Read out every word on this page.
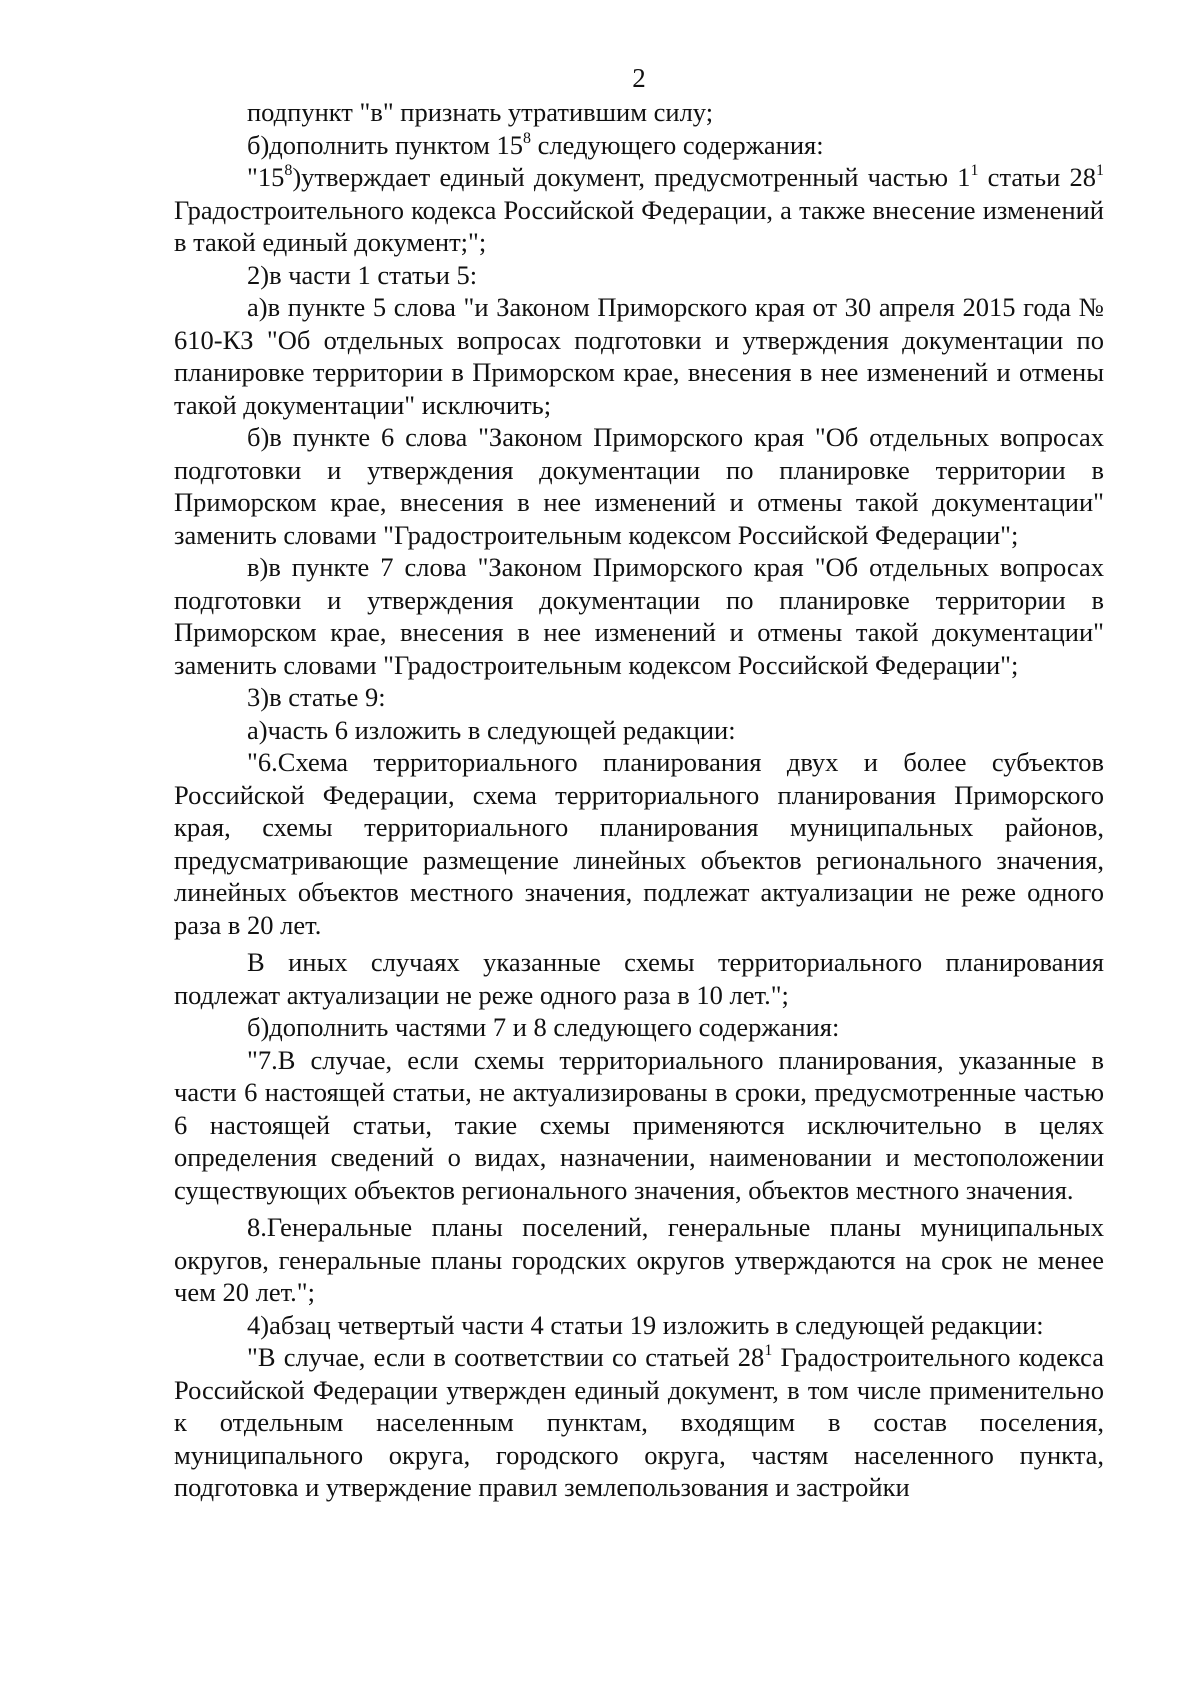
2

подпункт "в" признать утратившим силу;

б)дополнить пунктом $15^8$ следующего содержания:

"$15^8)утверждает$ единый документ, предусмотренный частью $1^1$ статьи $28^1$ Градостроительного кодекса Российской Федерации, а также внесение изменений в такой единый документ;";

2)в части 1 статьи 5:

а)в пункте 5 слова "и Законом Приморского края от 30 апреля 2015 года № 610-КЗ "Об отдельных вопросах подготовки и утверждения документации по планировке территории в Приморском крае, внесения в нее изменений и отмены такой документации" исключить;

б)в пункте 6 слова "Законом Приморского края "Об отдельных вопросах подготовки и утверждения документации по планировке территории в Приморском крае, внесения в нее изменений и отмены такой документации" заменить словами "Градостроительным кодексом Российской Федерации";

в)в пункте 7 слова "Законом Приморского края "Об отдельных вопросах подготовки и утверждения документации по планировке территории в Приморском крае, внесения в нее изменений и отмены такой документации" заменить словами "Градостроительным кодексом Российской Федерации";

3)в статье 9:

а)часть 6 изложить в следующей редакции:

"6.Схема территориального планирования двух и более субъектов Российской Федерации, схема территориального планирования Приморского края, схемы территориального планирования муниципальных районов, предусматривающие размещение линейных объектов регионального значения, линейных объектов местного значения, подлежат актуализации не реже одного раза в 20 лет.

В иных случаях указанные схемы территориального планирования подлежат актуализации не реже одного раза в 10 лет.";

б)дополнить частями 7 и 8 следующего содержания:

"7.В случае, если схемы территориального планирования, указанные в части 6 настоящей статьи, не актуализированы в сроки, предусмотренные частью 6 настоящей статьи, такие схемы применяются исключительно в целях определения сведений о видах, назначении, наименовании и местоположении существующих объектов регионального значения, объектов местного значения.

8.Генеральные планы поселений, генеральные планы муниципальных округов, генеральные планы городских округов утверждаются на срок не менее чем 20 лет.";

4)абзац четвертый части 4 статьи 19 изложить в следующей редакции:

"В случае, если в соответствии со статьей $28^1$ Градостроительного кодекса Российской Федерации утвержден единый документ, в том числе применительно к отдельным населенным пунктам, входящим в состав поселения, муниципального округа, городского округа, частям населенного пункта, подготовка и утверждение правил землепользования и застройки
